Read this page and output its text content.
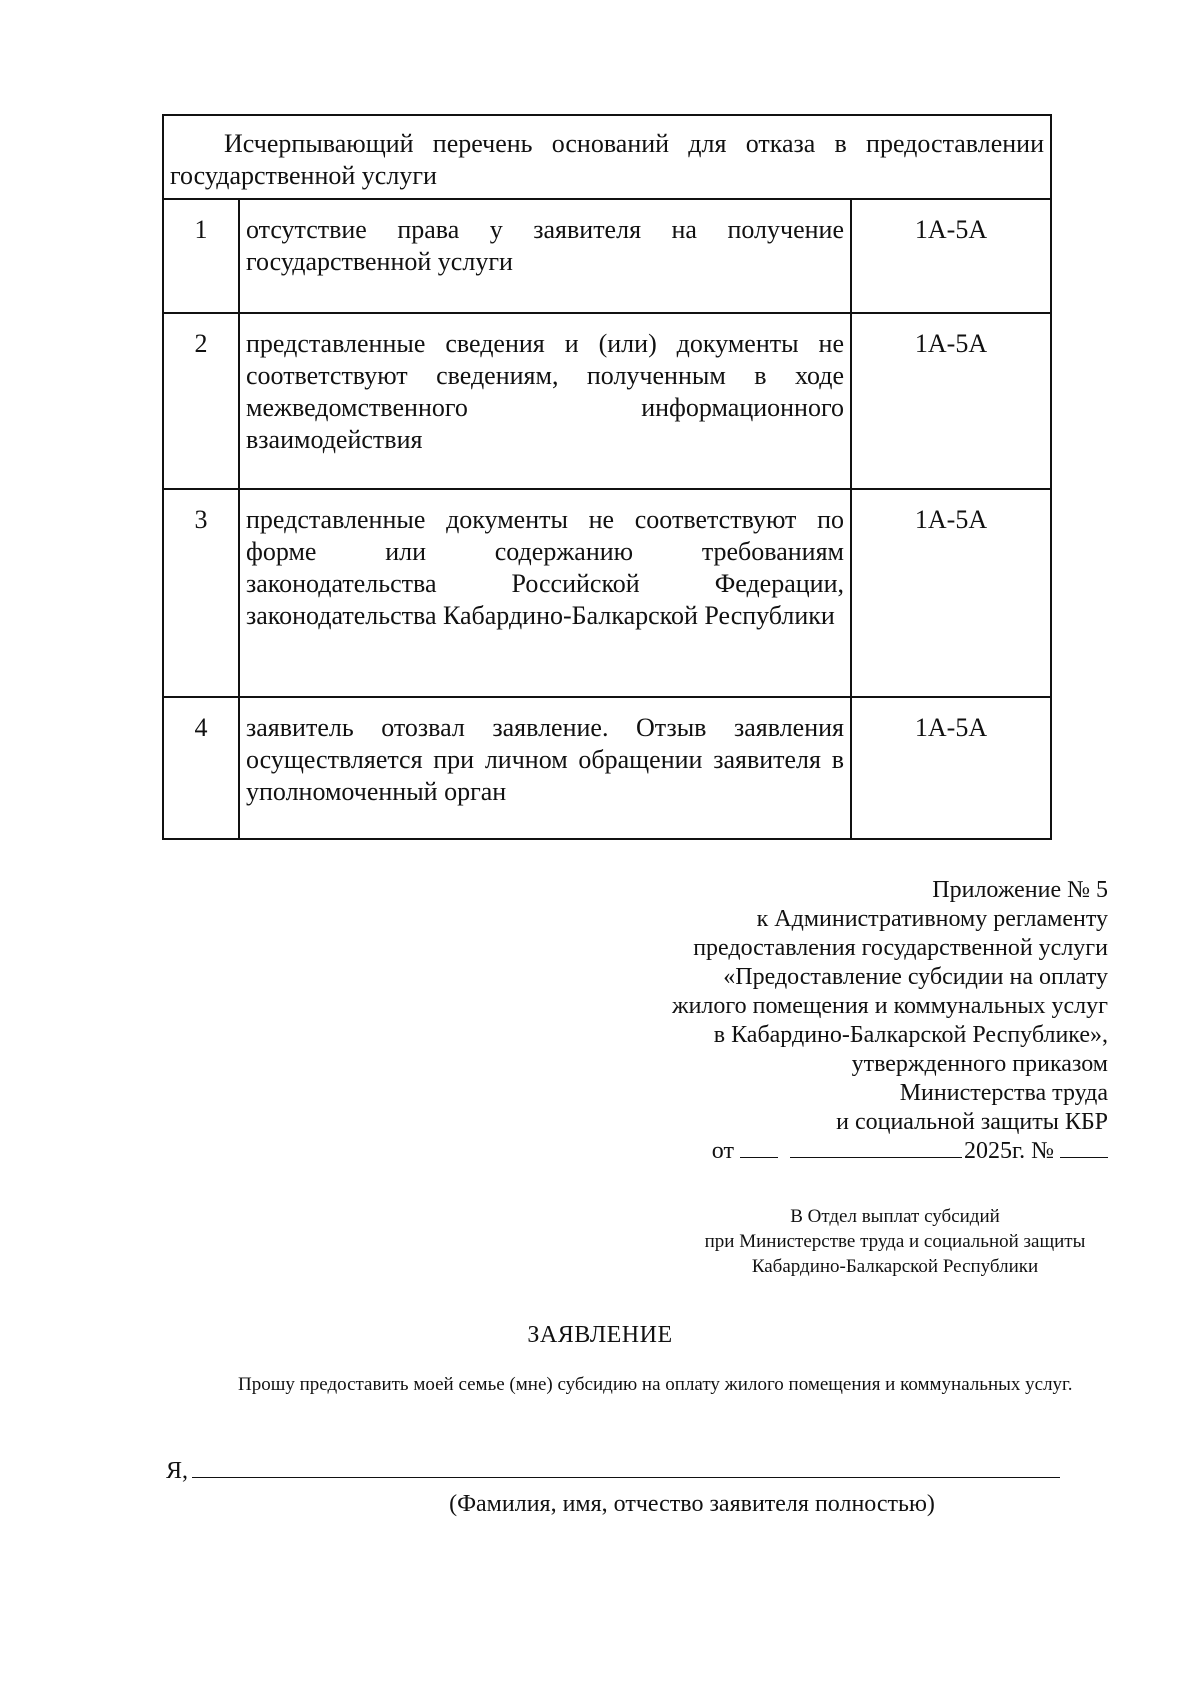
Исчерпывающий перечень оснований для отказа в предоставлении государственной услуги		
1	отсутствие права у заявителя на получение государственной услуги	1А-5А
2	представленные сведения и (или) документы не соответствуют сведениям, полученным в ходе межведомственного информационного взаимодействия	1А-5А
3	представленные документы не соответствуют по форме или содержанию требованиям законодательства Российской Федерации, законодательства Кабардино-Балкарской Республики	1А-5А
4	заявитель отозвал заявление. Отзыв заявления осуществляется при личном обращении заявителя в уполномоченный орган	1А-5А
Приложение № 5
к Административному регламенту
предоставления государственной услуги
«Предоставление субсидии на оплату
жилого помещения и коммунальных услуг
в Кабардино-Балкарской Республике»,
утвержденного приказом
Министерства труда
и социальной защиты КБР
от	2025г. №
В Отдел выплат субсидий
при Министерстве труда и социальной защиты
Кабардино-Балкарской Республики
ЗАЯВЛЕНИЕ
Прошу предоставить моей семье (мне) субсидию на оплату жилого помещения и коммунальных услуг.
Я,
(Фамилия, имя, отчество заявителя полностью)
